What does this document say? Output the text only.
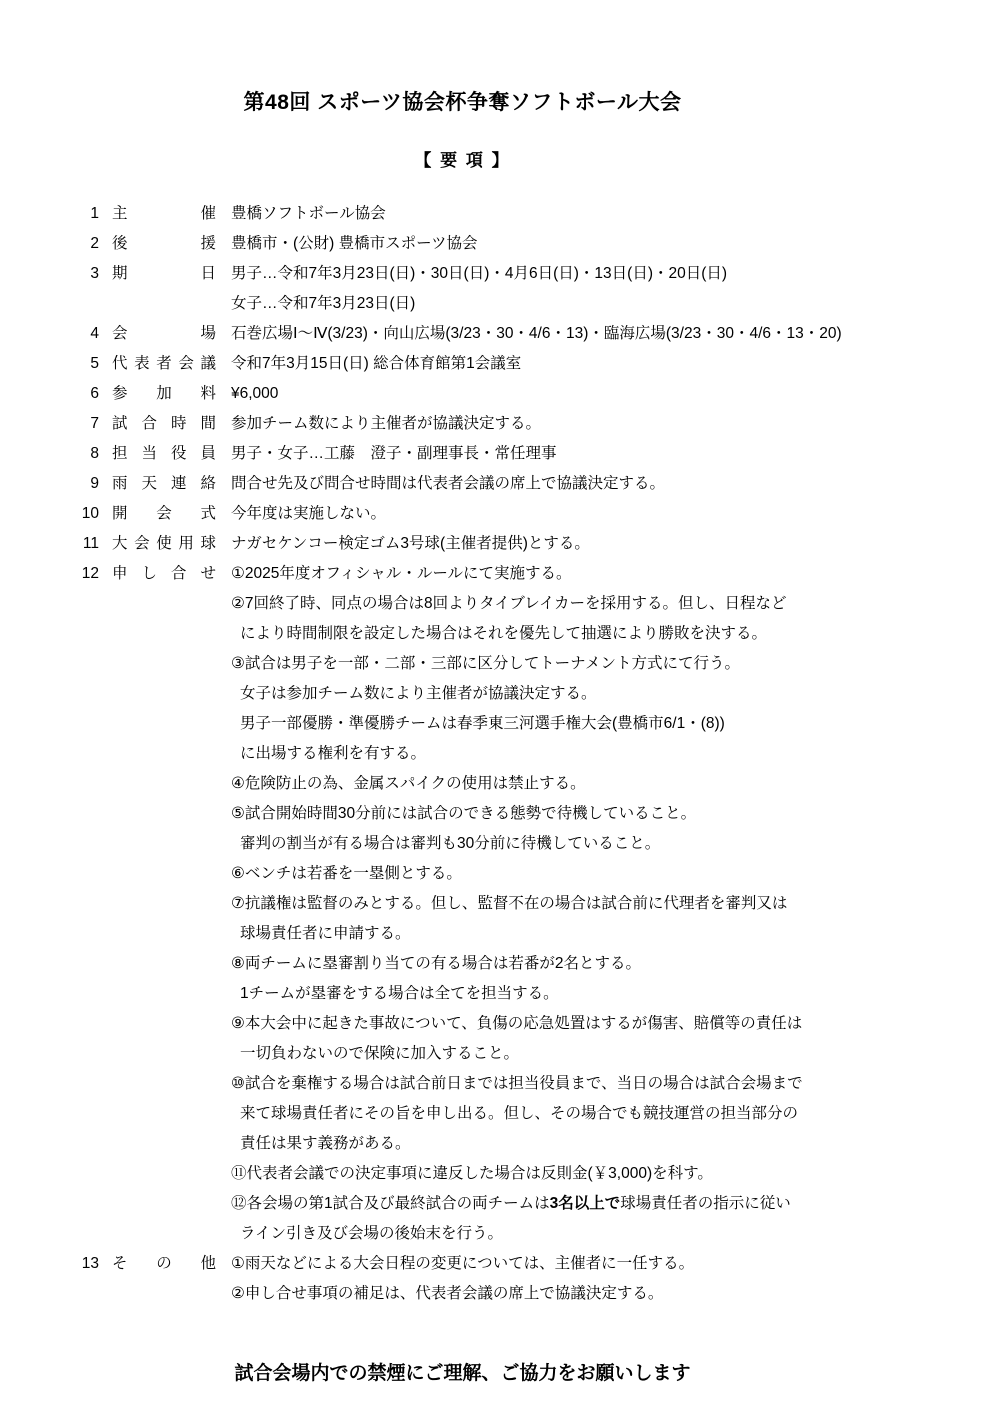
第48回 スポーツ協会杯争奪ソフトボール大会
【 要 項 】
1 主 催 豊橋ソフトボール協会
2 後 援 豊橋市・(公財) 豊橋市スポーツ協会
3 期 日 男子…令和7年3月23日(日)・30日(日)・4月6日(日)・13日(日)・20日(日)
女子…令和7年3月23日(日)
4 会 場 石巻広場Ⅰ～Ⅳ(3/23)・向山広場(3/23・30・4/6・13)・臨海広場(3/23・30・4/6・13・20)
5 代 表 者 会 議 令和7年3月15日(日) 総合体育館第1会議室
6 参 加 料 ¥6,000
7 試 合 時 間 参加チーム数により主催者が協議決定する。
8 担 当 役 員 男子・女子…工藤　澄子・副理事長・常任理事
9 雨 天 連 絡 問合せ先及び問合せ時間は代表者会議の席上で協議決定する。
10 開 会 式 今年度は実施しない。
11 大 会 使 用 球 ナガセケンコー検定ゴム3号球(主催者提供)とする。
12 申 し 合 せ ①2025年度オフィシャル・ルールにて実施する。
②7回終了時、同点の場合は8回よりタイブレイカーを採用する。但し、日程など
により時間制限を設定した場合はそれを優先して抽選により勝敗を決する。
③試合は男子を一部・二部・三部に区分してトーナメント方式にて行う。
女子は参加チーム数により主催者が協議決定する。
男子一部優勝・準優勝チームは春季東三河選手権大会(豊橋市6/1・(8))
に出場する権利を有する。
④危険防止の為、金属スパイクの使用は禁止する。
⑤試合開始時間30分前には試合のできる態勢で待機していること。
審判の割当が有る場合は審判も30分前に待機していること。
⑥ベンチは若番を一塁側とする。
⑦抗議権は監督のみとする。但し、監督不在の場合は試合前に代理者を審判又は
球場責任者に申請する。
⑧両チームに塁審割り当ての有る場合は若番が2名とする。
1チームが塁審をする場合は全てを担当する。
⑨本大会中に起きた事故について、負傷の応急処置はするが傷害、賠償等の責任は
一切負わないので保険に加入すること。
⑩試合を棄権する場合は試合前日までは担当役員まで、当日の場合は試合会場まで
来て球場責任者にその旨を申し出る。但し、その場合でも競技運営の担当部分の
責任は果す義務がある。
⑪代表者会議での決定事項に違反した場合は反則金(￥3,000)を科す。
⑫各会場の第1試合及び最終試合の両チームは3名以上で球場責任者の指示に従い
ライン引き及び会場の後始末を行う。
13 そ の 他 ①雨天などによる大会日程の変更については、主催者に一任する。
②申し合せ事項の補足は、代表者会議の席上で協議決定する。
試合会場内での禁煙にご理解、ご協力をお願いします
